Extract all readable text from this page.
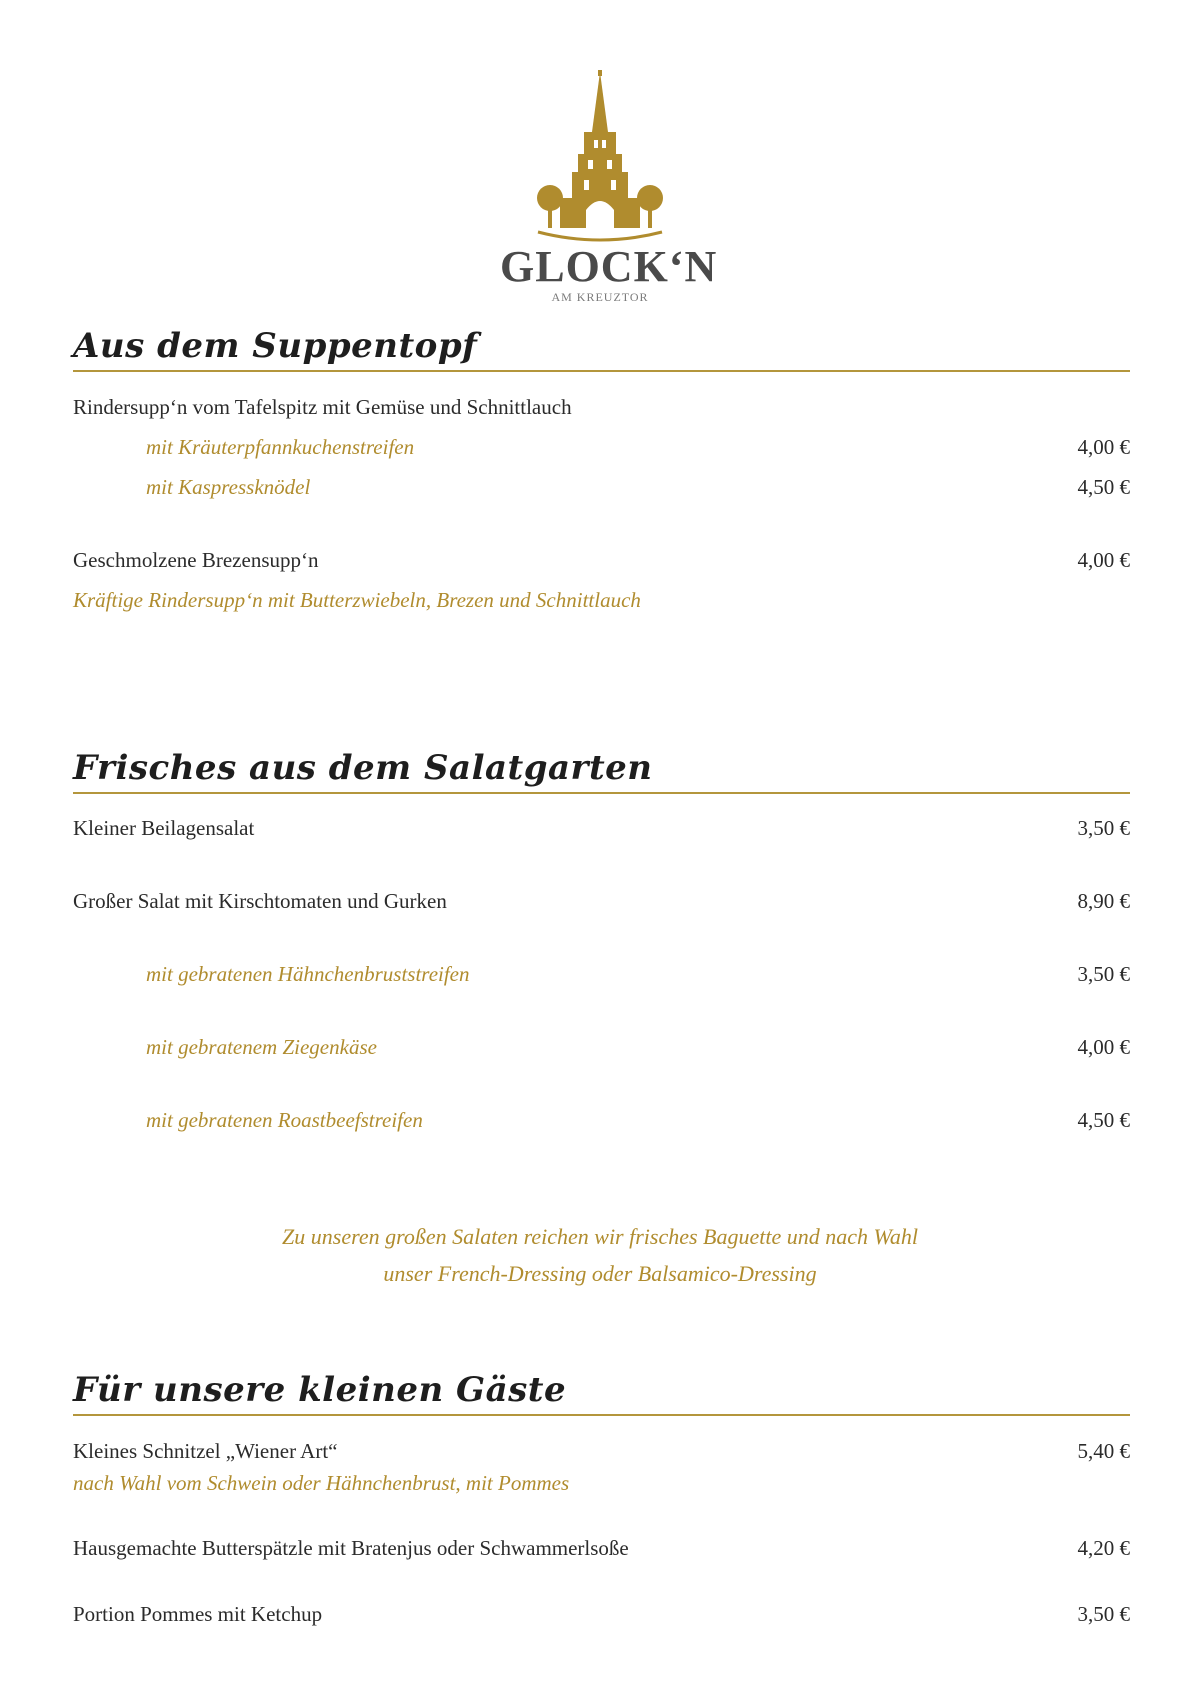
GLOCK‘N
AM KREUZTOR
Aus dem Suppentopf
Rindersupp‘n vom Tafelspitz mit Gemüse und Schnittlauch
mit Kräuterpfannkuchenstreifen	4,00 €
mit Kaspressknödel	4,50 €
Geschmolzene Brezensupp‘n	4,00 €
Kräftige Rindersupp‘n mit Butterzwiebeln, Brezen und Schnittlauch
Frisches aus dem Salatgarten
Kleiner Beilagensalat	3,50 €
Großer Salat mit Kirschtomaten und Gurken	8,90 €
mit gebratenen Hähnchenbruststreifen	3,50 €
mit gebratenem Ziegenkäse	4,00 €
mit gebratenen Roastbeefstreifen	4,50 €
Zu unseren großen Salaten reichen wir frisches Baguette und nach Wahl
unser French-Dressing oder Balsamico-Dressing
Für unsere kleinen Gäste
Kleines Schnitzel „Wiener Art“	5,40 €
nach Wahl vom Schwein oder Hähnchenbrust, mit Pommes
Hausgemachte Butterspätzle mit Bratenjus oder Schwammerlsoße	4,20 €
Portion Pommes mit Ketchup	3,50 €
